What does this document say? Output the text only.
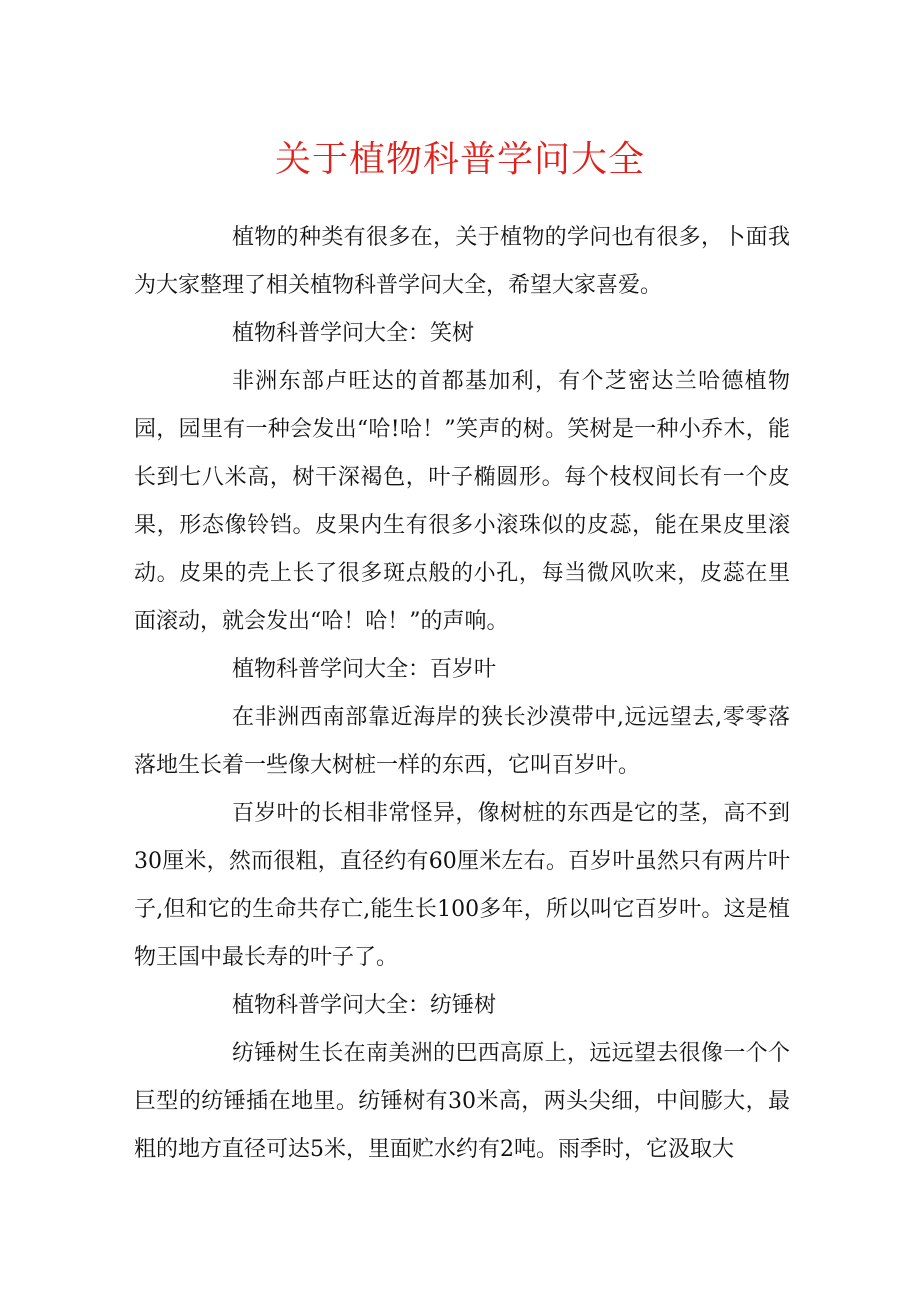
关于植物科普学问大全

植物的种类有很多在，关于植物的学问也有很多，卜面我为大家整理了相关植物科普学问大全，希望大家喜爱。

植物科普学问大全：笑树

非洲东部卢旺达的首都基加利，有个芝密达兰哈德植物园，园里有一种会发出“哈!哈！”笑声的树。笑树是一种小乔木，能长到七八米高，树干深褐色，叶子椭圆形。每个枝杈间长有一个皮果，形态像铃铛。皮果内生有很多小滚珠似的皮蕊，能在果皮里滚动。皮果的壳上长了很多斑点般的小孔，每当微风吹来，皮蕊在里面滚动，就会发出“哈！哈！”的声响。

植物科普学问大全：百岁叶

在非洲西南部靠近海岸的狭长沙漠带中,远远望去,零零落落地生长着一些像大树桩一样的东西，它叫百岁叶。

百岁叶的长相非常怪异，像树桩的东西是它的茎，高不到30厘米，然而很粗，直径约有60厘米左右。百岁叶虽然只有两片叶子,但和它的生命共存亡,能生长100多年，所以叫它百岁叶。这是植物王国中最长寿的叶子了。

植物科普学问大全：纺锤树

纺锤树生长在南美洲的巴西高原上，远远望去很像一个个巨型的纺锤插在地里。纺锤树有30米高，两头尖细，中间膨大，最粗的地方直径可达5米，里面贮水约有2吨。雨季时，它汲取大
